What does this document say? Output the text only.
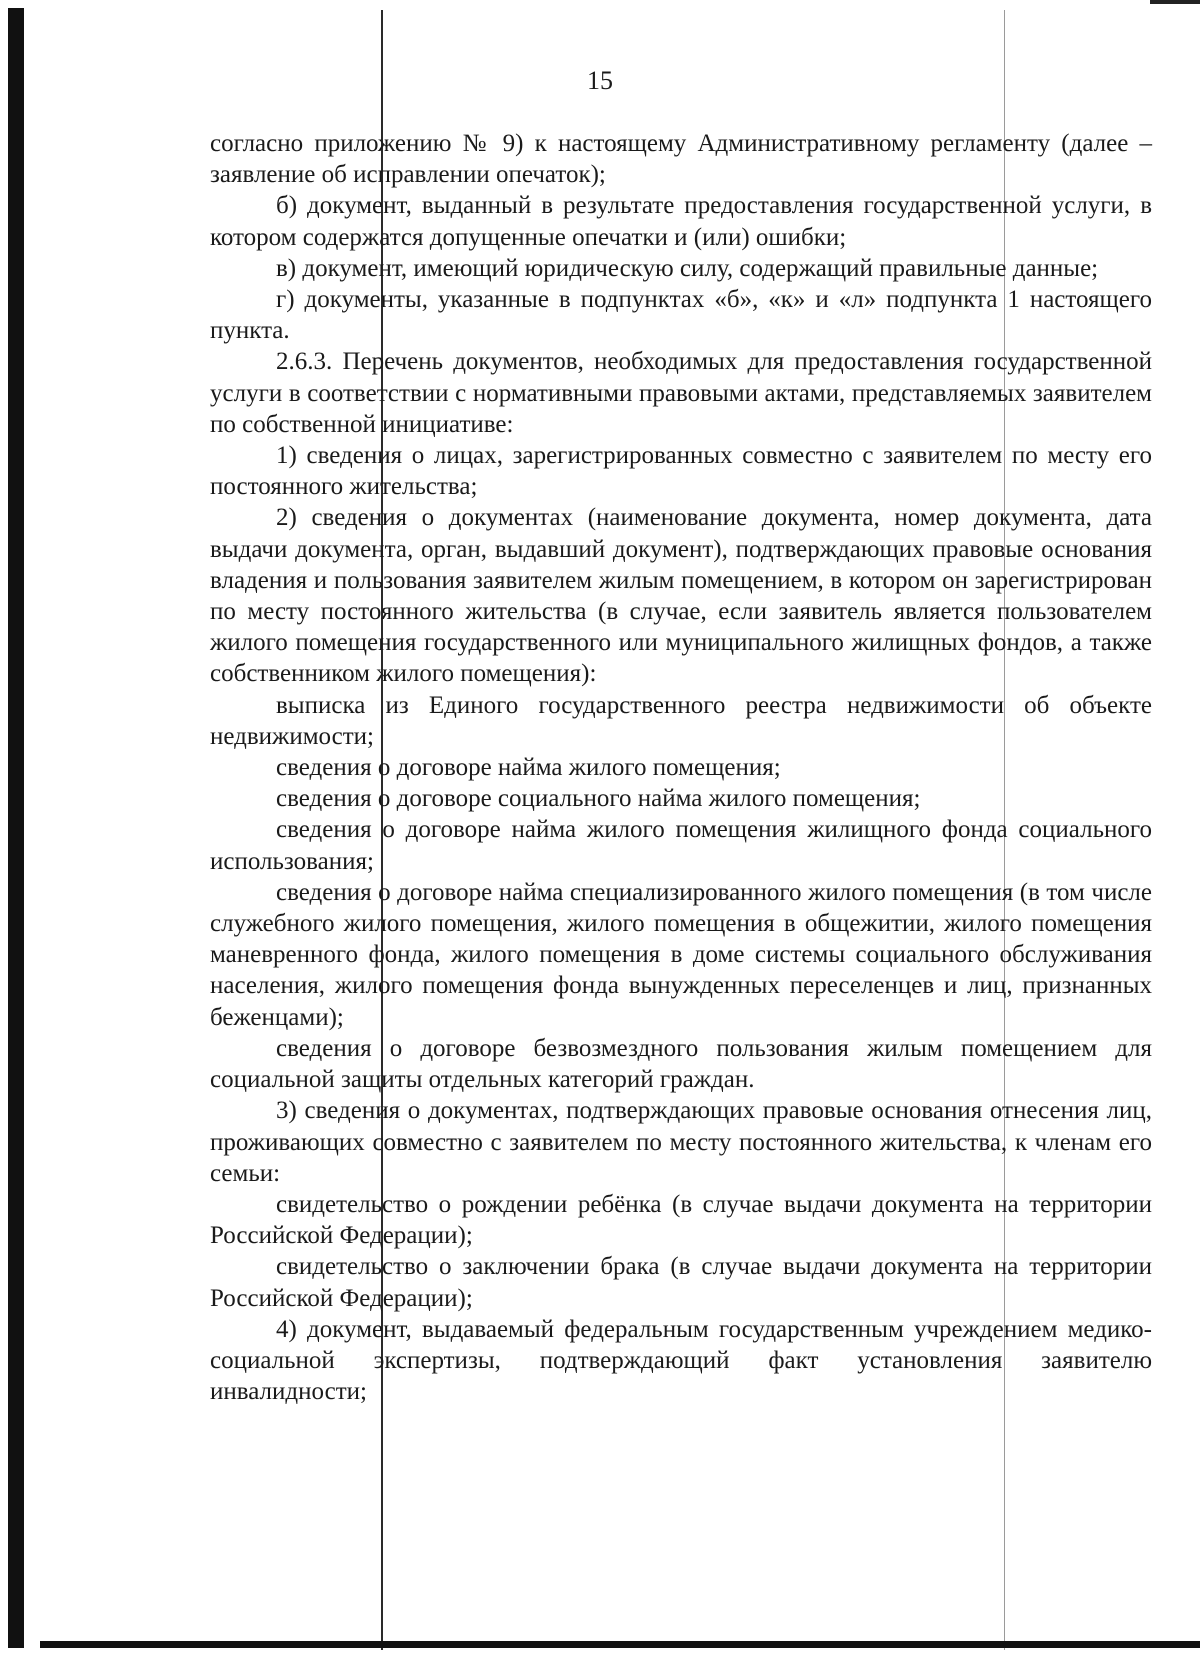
15

согласно приложению № 9) к настоящему Административному регламенту (далее – заявление об исправлении опечаток);

б) документ, выданный в результате предоставления государственной услуги, в котором содержатся допущенные опечатки и (или) ошибки;

в) документ, имеющий юридическую силу, содержащий правильные данные;

г) документы, указанные в подпунктах «б», «к» и «л» подпункта 1 настоящего пункта.

2.6.3. Перечень документов, необходимых для предоставления государственной услуги в соответствии с нормативными правовыми актами, представляемых заявителем по собственной инициативе:

1) сведения о лицах, зарегистрированных совместно с заявителем по месту его постоянного жительства;

2) сведения о документах (наименование документа, номер документа, дата выдачи документа, орган, выдавший документ), подтверждающих правовые основания владения и пользования заявителем жилым помещением, в котором он зарегистрирован по месту постоянного жительства (в случае, если заявитель является пользователем жилого помещения государственного или муниципального жилищных фондов, а также собственником жилого помещения):

выписка из Единого государственного реестра недвижимости об объекте недвижимости;

сведения о договоре найма жилого помещения;

сведения о договоре социального найма жилого помещения;

сведения о договоре найма жилого помещения жилищного фонда социального использования;

сведения о договоре найма специализированного жилого помещения (в том числе служебного жилого помещения, жилого помещения в общежитии, жилого помещения маневренного фонда, жилого помещения в доме системы социального обслуживания населения, жилого помещения фонда вынужденных переселенцев и лиц, признанных беженцами);

сведения о договоре безвозмездного пользования жилым помещением для социальной защиты отдельных категорий граждан.

3) сведения о документах, подтверждающих правовые основания отнесения лиц, проживающих совместно с заявителем по месту постоянного жительства, к членам его семьи:

свидетельство о рождении ребёнка (в случае выдачи документа на территории Российской Федерации);

свидетельство о заключении брака (в случае выдачи документа на территории Российской Федерации);

4) документ, выдаваемый федеральным государственным учреждением медико-социальной экспертизы, подтверждающий факт установления заявителю инвалидности;
